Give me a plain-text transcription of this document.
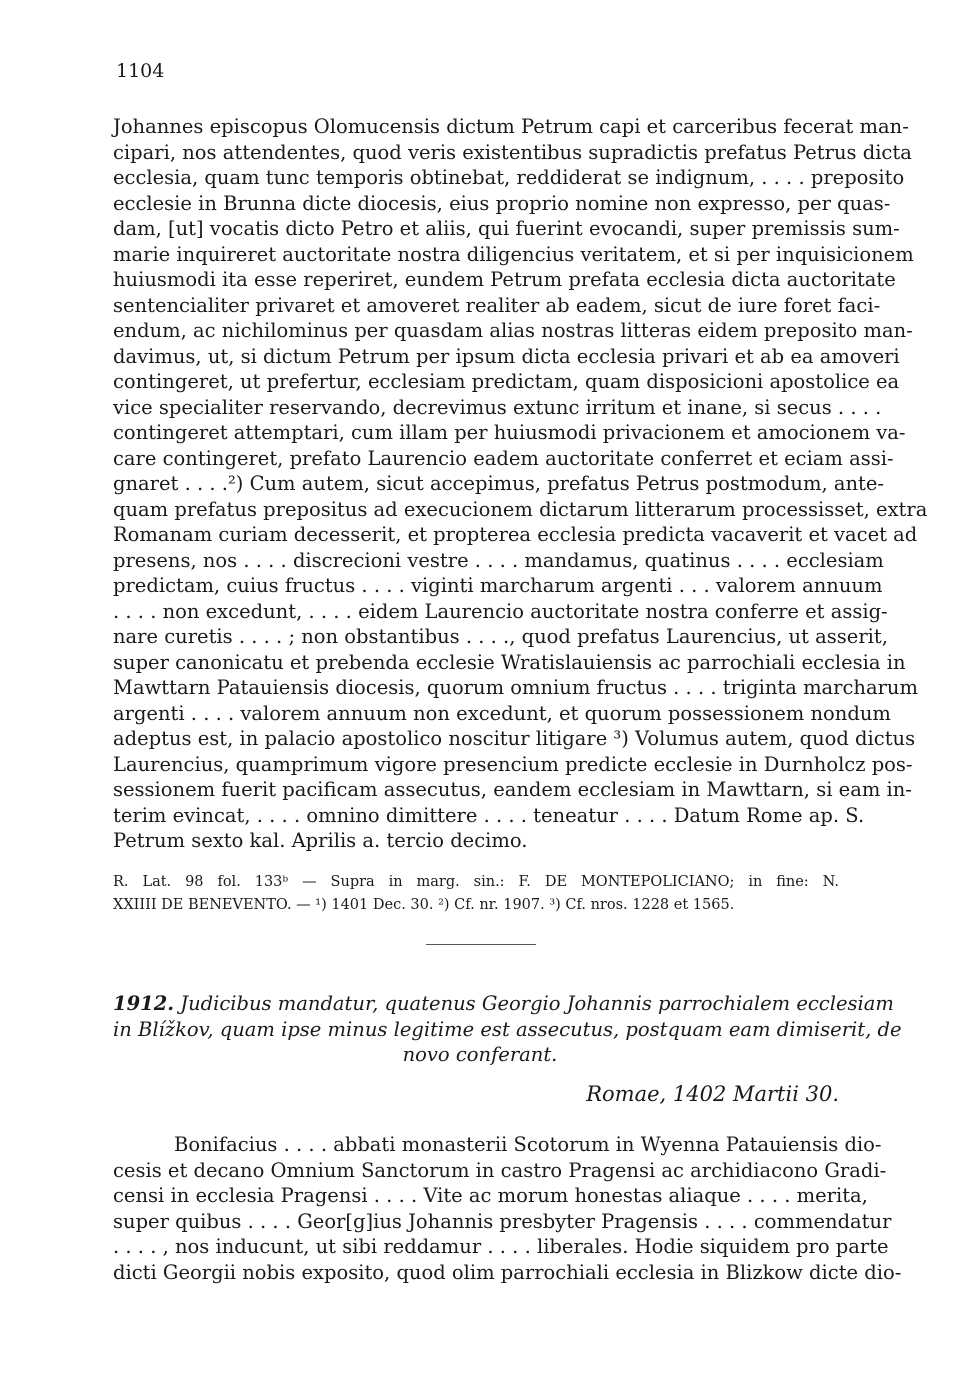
1104
Johannes episcopus Olomucensis dictum Petrum capi et carceribus fecerat man-
cipari, nos attendentes, quod veris existentibus supradictis prefatus Petrus dicta
ecclesia, quam tunc temporis obtinebat, reddiderat se indignum, . . . . preposito
ecclesie in Brunna dicte diocesis, eius proprio nomine non expresso, per quas-
dam, [ut] vocatis dicto Petro et aliis, qui fuerint evocandi, super premissis sum-
marie inquireret auctoritate nostra diligencius veritatem, et si per inquisicionem
huiusmodi ita esse reperiret, eundem Petrum prefata ecclesia dicta auctoritate
sentencialiter privaret et amoveret realiter ab eadem, sicut de iure foret faci-
endum, ac nichilominus per quasdam alias nostras litteras eidem preposito man-
davimus, ut, si dictum Petrum per ipsum dicta ecclesia privari et ab ea amoveri
contingeret, ut prefertur, ecclesiam predictam, quam disposicioni apostolice ea
vice specialiter reservando, decrevimus extunc irritum et inane, si secus . . . .
contingeret attemptari, cum illam per huiusmodi privacionem et amocionem va-
care contingeret, prefato Laurencio eadem auctoritate conferret et eciam assi-
gnaret . . . .²) Cum autem, sicut accepimus, prefatus Petrus postmodum, ante-
quam prefatus prepositus ad execucionem dictarum litterarum processisset, extra
Romanam curiam decesserit, et propterea ecclesia predicta vacaverit et vacet ad
presens, nos . . . . discrecioni vestre . . . . mandamus, quatinus . . . . ecclesiam
predictam, cuius fructus . . . . viginti marcharum argenti . . . valorem annuum
. . . . non excedunt, . . . . eidem Laurencio auctoritate nostra conferre et assig-
nare curetis . . . . ; non obstantibus . . . ., quod prefatus Laurencius, ut asserit,
super canonicatu et prebenda ecclesie Wratislauiensis ac parrochiali ecclesia in
Mawttarn Patauiensis diocesis, quorum omnium fructus . . . . triginta marcharum
argenti . . . . valorem annuum non excedunt, et quorum possessionem nondum
adeptus est, in palacio apostolico noscitur litigare ³) Volumus autem, quod dictus
Laurencius, quamprimum vigore presencium predicte ecclesie in Durnholcz pos-
sessionem fuerit pacificam assecutus, eandem ecclesiam in Mawttarn, si eam in-
terim evincat, . . . . omnino dimittere . . . . teneatur . . . . Datum Rome ap. S.
Petrum sexto kal. Aprilis a. tercio decimo.
R. Lat. 98 fol. 133ᵇ — Supra in marg. sin.: F. DE MONTEPOLICIANO; in fine: N.
XXIIII DE BENEVENTO. — ¹) 1401 Dec. 30. ²) Cf. nr. 1907. ³) Cf. nros. 1228 et 1565.
1912. Judicibus mandatur, quatenus Georgio Johannis parrochialem ecclesiam
in Blížkov, quam ipse minus legitime est assecutus, postquam eam dimiserit, de
novo conferant.
Romae, 1402 Martii 30.
Bonifacius . . . . abbati monasterii Scotorum in Wyenna Patauiensis dio-
cesis et decano Omnium Sanctorum in castro Pragensi ac archidiacono Gradi-
censi in ecclesia Pragensi . . . . Vite ac morum honestas aliaque . . . . merita,
super quibus . . . . Geor[g]ius Johannis presbyter Pragensis . . . . commendatur
. . . . , nos inducunt, ut sibi reddamur . . . . liberales. Hodie siquidem pro parte
dicti Georgii nobis exposito, quod olim parrochiali ecclesia in Blizkow dicte dio-
